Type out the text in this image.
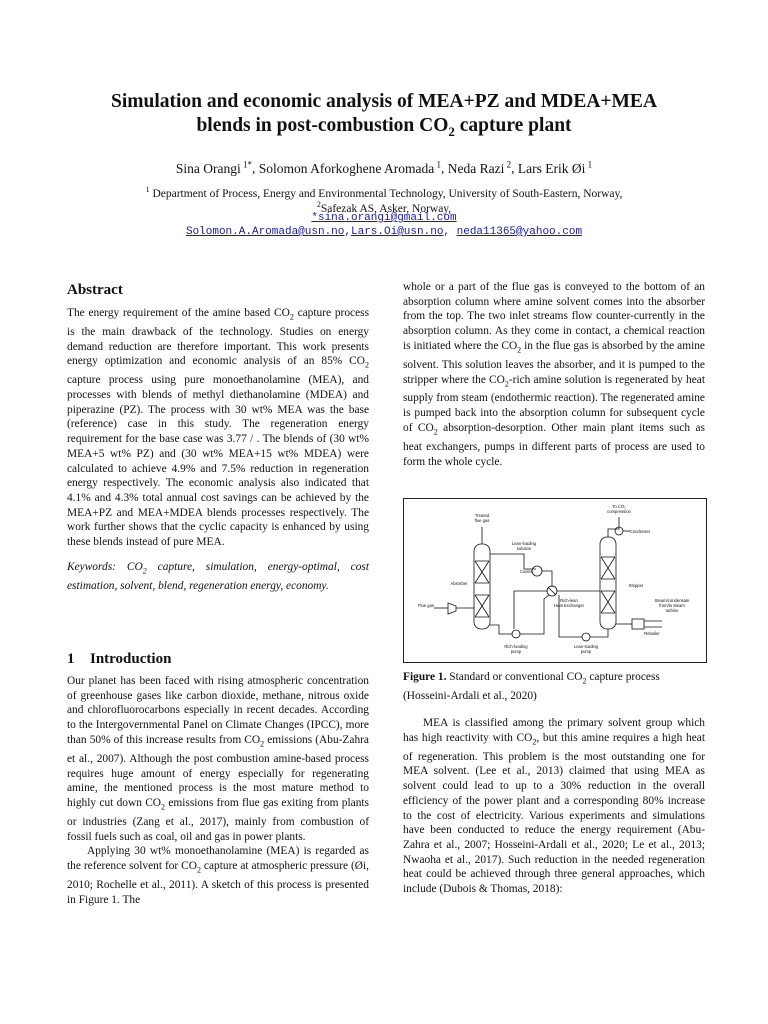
Simulation and economic analysis of MEA+PZ and MDEA+MEA
blends in post-combustion $CO_2$ capture plant
Sina Orangi $^{1*}$, Solomon Aforkoghene Aromada $^1$, Neda Razi $^2$, Lars Erik Øi $^1$
$^1$ Department of Process, Energy and Environmental Technology, University of South-Eastern, Norway,
$^2$Safezak AS, Asker, Norway,
*sina.orangi@gmail.com
Solomon.A.Aromada@usn.no,Lars.Oi@usn.no, neda11365@yahoo.com
Abstract

The energy requirement of the amine based $CO_2$ capture process is the main drawback of the technology. Studies on energy demand reduction are therefore important. This work presents energy optimization and economic analysis of an 85% $CO_2$ capture process using pure monoethanolamine (MEA), and processes with blends of methyl diethanolamine (MDEA) and piperazine (PZ). The process with 30 wt% MEA was the base (reference) case in this study. The regeneration energy requirement for the base case was 3.77 / . The blends of (30 wt% MEA+5 wt% PZ) and (30 wt% MEA+15 wt% MDEA) were calculated to achieve 4.9% and 7.5% reduction in regeneration energy respectively. The economic analysis also indicated that 4.1% and 4.3% total annual cost savings can be achieved by the MEA+PZ and MEA+MDEA blends processes respectively. The work further shows that the cyclic capacity is enhanced by using these blends instead of pure MEA.

Keywords: $CO_2$ capture, simulation, energy-optimal, cost estimation, solvent, blend, regeneration energy, economy.

1 Introduction

Our planet has been faced with rising atmospheric concentration of greenhouse gases like carbon dioxide, methane, nitrous oxide and chlorofluorocarbons especially in recent decades. According to the Intergovernmental Panel on Climate Changes (IPCC), more than 50% of this increase results from $CO_2$ emissions (Abu-Zahra et al., 2007). Although the post combustion amine-based process requires huge amount of energy especially for regenerating amine, the mentioned process is the most mature method to highly cut down $CO_2$ emissions from flue gas exiting from plants or industries (Zang et al., 2017), mainly from combustion of fossil fuels such as coal, oil and gas in power plants.

Applying 30 wt% monoethanolamine (MEA) is regarded as the reference solvent for $CO_2$ capture at atmospheric pressure (Øi, 2010; Rochelle et al., 2011). A sketch of this process is presented in Figure 1. The

whole or a part of the flue gas is conveyed to the bottom of an absorption column where amine solvent comes into the absorber from the top. The two inlet streams flow counter-currently in the absorption column. As they come in contact, a chemical reaction is initiated where the $CO_2$ in the flue gas is absorbed by the amine solvent. This solution leaves the absorber, and it is pumped to the stripper where the $CO_2$-rich amine solution is regenerated by heat supply from steam (endothermic reaction). The regenerated amine is pumped back into the absorption column for subsequent cycle of $CO_2$ absorption-desorption. Other main plant items such as heat exchangers, pumps in different parts of process are used to form the whole cycle.

Treated
flue gas
To CO₂
compression
Condenser
Lean-loading
solution
Cooler
Absorber
Rich-lean
Heat Exchanger
Stripper
Flue gas
Steam/condensate
from/to steam
turbine
Reboiler
Rich-loading
pump
Lean-loading
pump
Figure 1. Standard or conventional $CO_2$ capture process (Hosseini-Ardali et al., 2020)

MEA is classified among the primary solvent group which has high reactivity with $CO_2$, but this amine requires a high heat of regeneration. This problem is the most outstanding one for MEA solvent. (Lee et al., 2013) claimed that using MEA as solvent could lead to up to a 30% reduction in the overall efficiency of the power plant and a corresponding 80% increase to the cost of electricity. Various experiments and simulations have been conducted to reduce the energy requirement (Abu-Zahra et al., 2007; Hosseini-Ardali et al., 2020; Le et al., 2013; Nwaoha et al., 2017). Such reduction in the needed regeneration heat could be achieved through three general approaches, which include (Dubois & Thomas, 2018):
